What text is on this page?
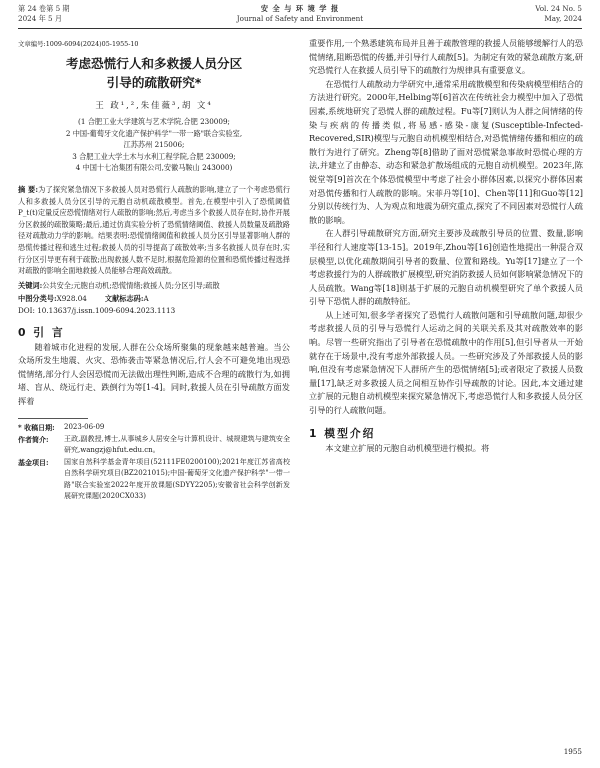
第 24 卷第 5 期
2024 年 5 月
安 全 与 环 境 学 报
Journal of Safety and Environment
Vol. 24 No. 5
May, 2024
文章编号:1009-6094(2024)05-1955-10
考虑恐慌行人和多救援人员分区
引导的疏散研究*
王 政¹,²,朱佳薇³,胡 文⁴
(1 合肥工业大学建筑与艺术学院,合肥 230009;
2 中国-葡萄牙文化遗产保护科学"一带一路"联合实验室,
江苏苏州 215006;
3 合肥工业大学土木与水利工程学院,合肥 230009;
4 中国十七冶集团有限公司,安徽马鞍山 243000)
摘 要:为了探究紧急情况下多救援人员对恐慌行人疏散的影响,建立了一个考虑恐慌行人和多救援人员分区引导的元胞自动机疏散模型。首先,在模型中引入了恐慌阈值 P_t(t)定量反应恐慌情绪对行人疏散的影响;然后,考虑当多个救援人员存在时,协作开展分区救援的疏散策略;最后,通过仿真实验分析了恐慌情绪阈值、救援人员数量及疏散路径对疏散动力学的影响。结果表明:恐慌情绪阈值和救援人员分区引导显著影响人群的恐慌传播过程和逃生过程;救援人员的引导提高了疏散效率;当多名救援人员存在时,实行分区引导更有利于疏散;出现救援人数不足时,根据危险源的位置和恐慌传播过程选择对疏散的影响全面地救援人员能够合理高效疏散。
关键词:公共安全;元胞自动机;恐慌情绪;救援人员;分区引导;疏散
中图分类号:X928.04	文献标志码:A
DOI: 10.13637/j.issn.1009-6094.2023.1113
0 引 言

随着城市化进程的发展,人群在公众场所聚集的现象越来越普遍。当公众场所发生地震、火灾、恐怖袭击等紧急情况后,行人会不可避免地出现恐慌情绪,部分行人会因恐慌而无法做出理性判断,造成不合理的疏散行为,如拥堵、盲从、绕远行走、跌倒行为等[1-4]。同时,救援人员在引导疏散方面发挥着

* 收稿日期:	2023-06-09
作者简介:	王政,副教授,博士,从事城乡人居安全与计算机设计、城规建筑与建筑安全研究,wangzj@hfut.edu.cn。
基金项目:	国家自然科学基金青年项目(52111FE0200100);2021年度江苏省高校自然科学研究项目(BZ2021015);中国-葡萄牙文化遗产保护科学"一带一路"联合实验室2022年度开放课题(SDYY2205);安徽省社会科学创新发展研究课题(2020CX033)

重要作用,一个熟悉建筑布局并且善于疏散管理的救援人员能够缓解行人的恐慌情绪,阻断恐慌的传播,并引导行人疏散[5]。为制定有效的紧急疏散方案,研究恐慌行人在救援人员引导下的疏散行为规律具有重要意义。

在恐慌行人疏散动力学研究中,通常采用疏散模型和传染病模型相结合的方法进行研究。2000年,Helbing等[6]首次在传统社会力模型中加入了恐慌因素,系统地研究了恐慌人群的疏散过程。Fu等[7]则认为人群之间情绪的传染与疾病的传播类似,将易感-感染-康复(Susceptible-Infected-Recovered,SIR)模型与元胞自动机模型相结合,对恐慌情绪传播和相应的疏散行为进行了研究。Zheng等[8]借助了面对恐慌紧急事故时恐慌心理的方法,并建立了由静态、动态和紧急扩散场组成的元胞自动机模型。2023年,陈锐堂等[9]首次在个体恐慌模型中考虑了社会小群体因素,以探究小群体因素对恐慌传播和行人疏散的影响。宋菲丹等[10]、Chen等[11]和Guo等[12]分别以传统行为、人为观点和地震为研究重点,探究了不同因素对恐慌行人疏散的影响。

在人群引导疏散研究方面,研究主要涉及疏散引导员的位置、数量,影响半径和行人速度等[13-15]。2019年,Zhou等[16]创造性地提出一种混合双层模型,以优化疏散期间引导者的数量、位置和路线。Yu等[17]建立了一个考虑救援行为的人群疏散扩展模型,研究消防救援人员如何影响紧急情况下的人员疏散。Wang等[18]则基于扩展的元胞自动机模型研究了单个救援人员引导下恐慌人群的疏散特征。

从上述可知,很多学者探究了恐慌行人疏散问题和引导疏散问题,却很少考虑救援人员的引导与恐慌行人运动之间的关联关系及其对疏散效率的影响。尽管一些研究指出了引导者在恐慌疏散中的作用[5],但引导者从一开始就存在于场景中,没有考虑外部救援人员。一些研究涉及了外部救援人员的影响,但没有考虑紧急情况下人群所产生的恐慌情绪[5];或者限定了救援人员数量[17],缺乏对多救援人员之间相互协作引导疏散的讨论。因此,本文通过建立扩展的元胞自动机模型来探究紧急情况下,考虑恐慌行人和多救援人员分区引导的行人疏散问题。

1 模型介绍

本文建立扩展的元胞自动机模型进行模拟。将

1955
